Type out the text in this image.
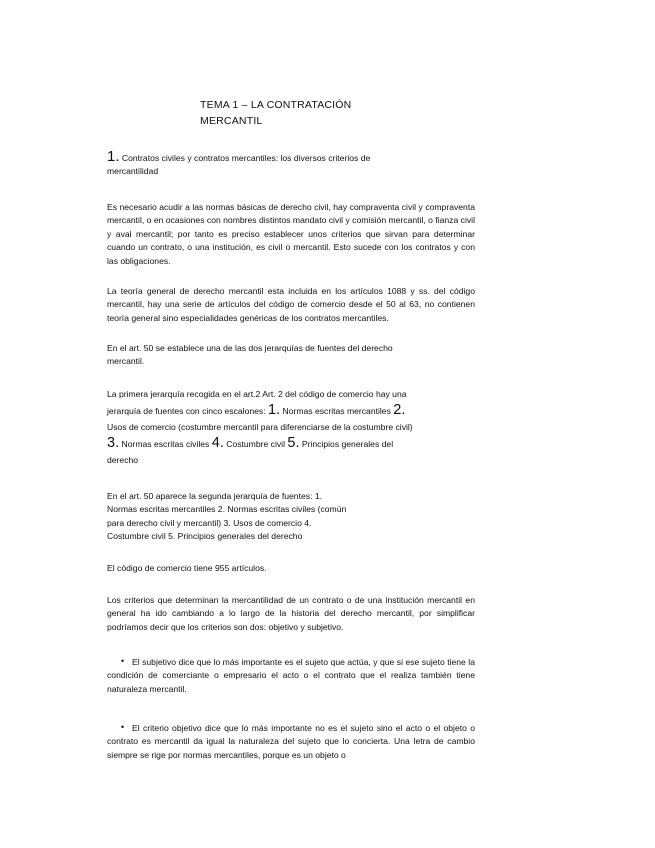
TEMA 1 – LA CONTRATACIÓN
MERCANTIL
1. Contratos civiles y contratos mercantiles: los diversos criterios de
mercantilidad
Es necesario acudir a las normas básicas de derecho civil, hay compraventa civil y compraventa mercantil, o en ocasiones con nombres distintos mandato civil y comisión mercantil, o fianza civil y aval mercantil; por tanto es preciso establecer unos criterios que sirvan para determinar cuando un contrato, o una institución, es civil o mercantil. Esto sucede con los contratos y con las obligaciones.
La teoría general de derecho mercantil esta incluida en los artículos 1088 y ss. del código mercantil, hay una serie de artículos del código de comercio desde el 50 al 63, no contienen teoría general sino especialidades genéricas de los contratos mercantiles.
En el art. 50 se establece una de las dos jerarquías de fuentes del derecho
mercantil.
La primera jerarquía recogida en el art.2 Art. 2 del código de comercio hay una
jerarquía de fuentes con cinco escalones: 1. Normas escritas mercantiles 2.
Usos de comercio (costumbre mercantil para diferenciarse de la costumbre civil)
3. Normas escritas civiles 4. Costumbre civil 5. Principios generales del
derecho
En el art. 50 aparece la segunda jerarquía de fuentes: 1.
Normas escritas mercantiles 2. Normas escritas civiles (común
para derecho civil y mercantil) 3. Usos de comercio 4.
Costumbre civil 5. Principios generales del derecho
El código de comercio tiene 955 artículos.
Los criterios que determinan la mercantilidad de un contrato o de una institución mercantil en general ha ido cambiando a lo largo de la historia del derecho mercantil, por simplificar podríamos decir que los criterios son dos: objetivo y subjetivo.
• El subjetivo dice que lo más importante es el sujeto que actúa, y que si ese sujeto tiene la condición de comerciante o empresario el acto o el contrato que el realiza también tiene naturaleza mercantil.
• El criterio objetivo dice que lo más importante no es el sujeto sino el acto o el objeto o contrato es mercantil da igual la naturaleza del sujeto que lo concierta. Una letra de cambio siempre se rige por normas mercantiles, porque es un objeto o
